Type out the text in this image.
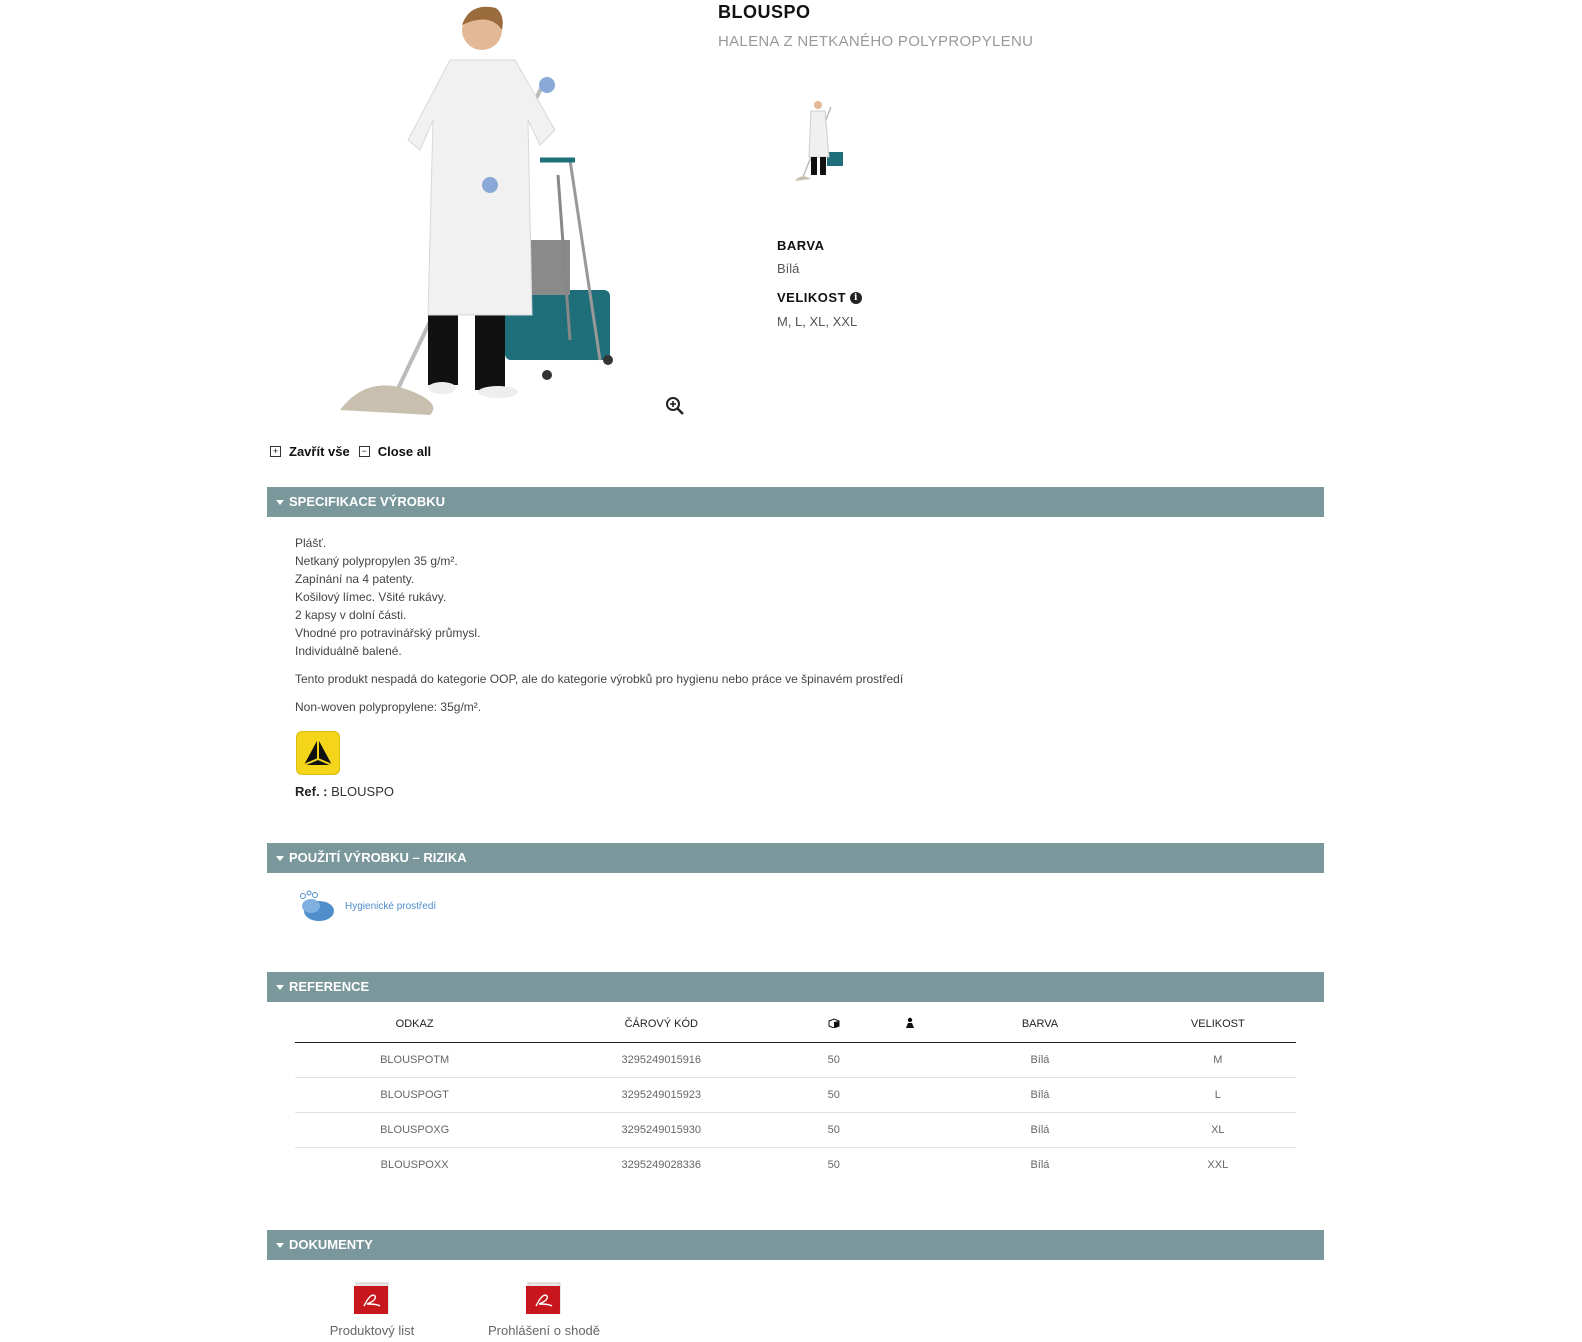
BLOUSPO
HALENA Z NETKANÉHO POLYPROPYLENU
BARVA
Bílá
VELIKOST i
M, L, XL, XXL
+ Zavřít vše	− Close all
SPECIFIKACE VÝROBKU
Plášť.
Netkaný polypropylen 35 g/m².
Zapínání na 4 patenty.
Košilový límec. Všité rukávy.
2 kapsy v dolní části.
Vhodné pro potravinářský průmysl.
Individuálně balené.
Tento produkt nespadá do kategorie OOP, ale do kategorie výrobků pro hygienu nebo práce ve špinavém prostředí
Non-woven polypropylene: 35g/m².
Ref. : BLOUSPO
POUŽITÍ VÝROBKU – RIZIKA
Hygienické prostředí
REFERENCE
ODKAZ	ČÁROVÝ KÓD			BARVA	VELIKOST
BLOUSPOTM	3295249015916	50		Bílá	M
BLOUSPOGT	3295249015923	50		Bílá	L
BLOUSPOXG	3295249015930	50		Bílá	XL
BLOUSPOXX	3295249028336	50		Bílá	XXL
DOKUMENTY
Produktový list	Prohlášení o shodě
